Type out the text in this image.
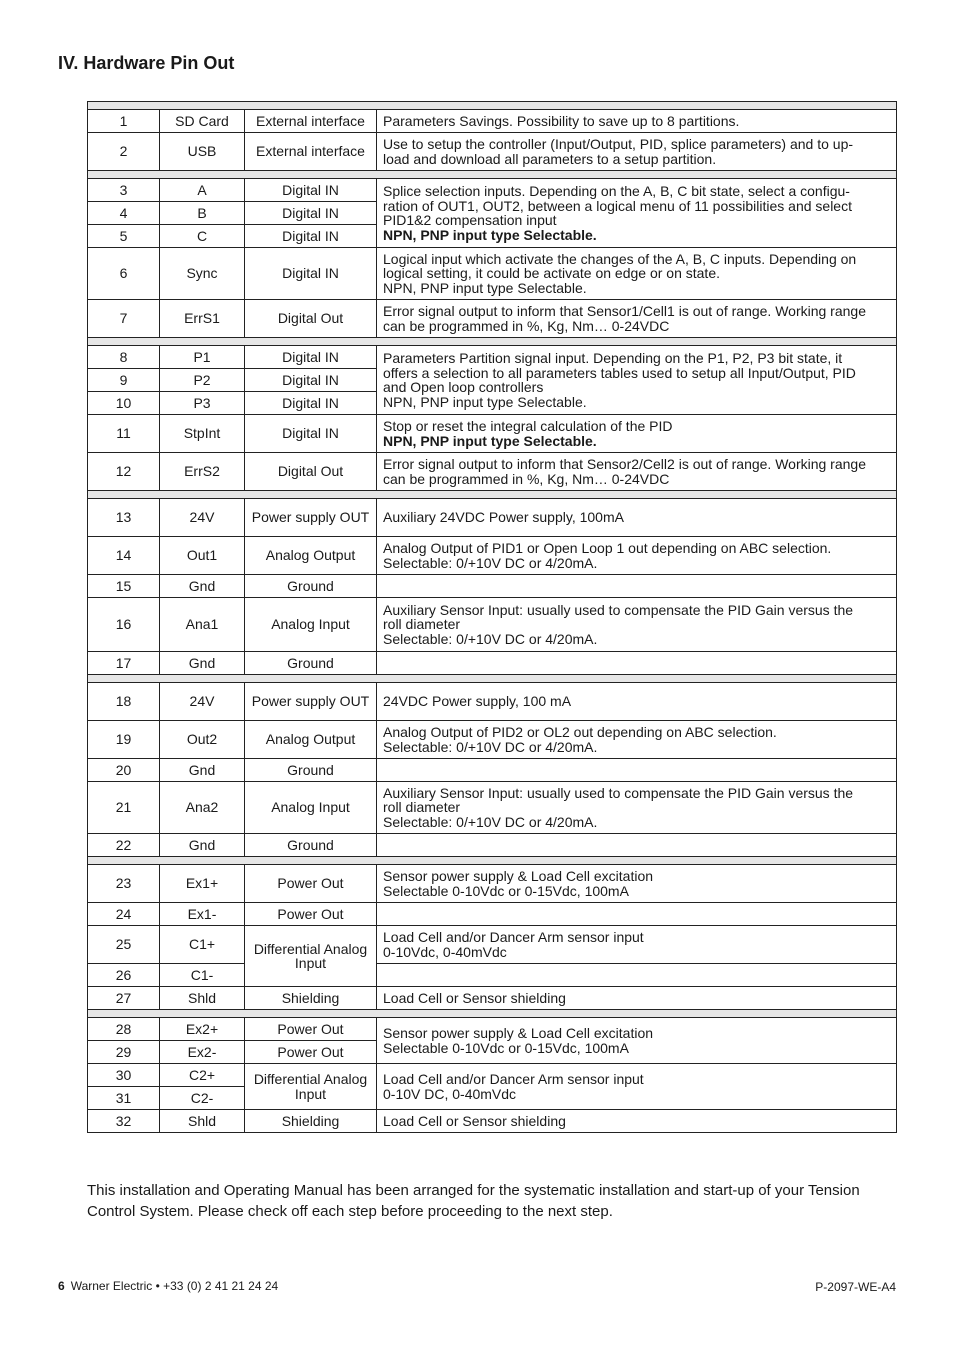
IV. Hardware Pin Out

1	SD Card	External interface	Parameters Savings. Possibility to save up to 8 partitions.

2	USB	External interface	Use to setup the controller (Input/Output, PID, splice parameters) and to up-
load and download all parameters to a setup partition.

3	A	Digital IN	Splice selection inputs. Depending on the A, B, C bit state, select a configu-
ration of OUT1, OUT2, between a logical menu of 11 possibilities and select
PID1&2 compensation input
NPN, PNP input type Selectable.

4	B	Digital IN	
5	C	Digital IN	
6	Sync	Digital IN	Logical input which activate the changes of the A, B, C inputs. Depending on
logical setting, it could be activate on edge or on state.
NPN, PNP input type Selectable.

7	ErrS1	Digital Out	Error signal output to inform that Sensor1/Cell1 is out of range. Working range
can be programmed in %, Kg, Nm… 0-24VDC

8	P1	Digital IN	Parameters Partition signal input. Depending on the P1, P2, P3 bit state, it
offers a selection to all parameters tables used to setup all Input/Output, PID
and Open loop controllers
NPN, PNP input type Selectable.

9	P2	Digital IN	
10	P3	Digital IN	
11	StpInt	Digital IN	Stop or reset the integral calculation of the PID
NPN, PNP input type Selectable.

12	ErrS2	Digital Out	Error signal output to inform that Sensor2/Cell2 is out of range. Working range
can be programmed in %, Kg, Nm… 0-24VDC

13	24V	Power supply OUT	Auxiliary 24VDC Power supply, 100mA

14	Out1	Analog Output	Analog Output of PID1 or Open Loop 1 out depending on ABC selection.
Selectable: 0/+10V DC or 4/20mA.

15	Gnd	Ground	
16	Ana1	Analog Input	Auxiliary Sensor Input: usually used to compensate the PID Gain versus the
roll diameter
Selectable: 0/+10V DC or 4/20mA.

17	Gnd	Ground	

18	24V	Power supply OUT	24VDC Power supply, 100 mA

19	Out2	Analog Output	Analog Output of PID2 or OL2 out depending on ABC selection.
Selectable: 0/+10V DC or 4/20mA.

20	Gnd	Ground	
21	Ana2	Analog Input	Auxiliary Sensor Input: usually used to compensate the PID Gain versus the
roll diameter
Selectable: 0/+10V DC or 4/20mA.

22	Gnd	Ground	

23	Ex1+	Power Out	Sensor power supply & Load Cell excitation
Selectable 0-10Vdc or 0-15Vdc, 100mA

24	Ex1-	Power Out	
25	C1+	Differential Analog Input	Load Cell and/or Dancer Arm sensor input
0-10Vdc, 0-40mVdc

26	C1-		
27	Shld	Shielding	Load Cell or Sensor shielding

28	Ex2+	Power Out	Sensor power supply & Load Cell excitation
Selectable 0-10Vdc or 0-15Vdc, 100mA

29	Ex2-	Power Out	
30	C2+	Differential Analog Input	Load Cell and/or Dancer Arm sensor input
0-10V DC, 0-40mVdc

31	C2-		
32	Shld	Shielding	Load Cell or Sensor shielding

This installation and Operating Manual has been arranged for the systematic installation and start-up of your Tension Control System. Please check off each step before proceeding to the next step.

6 Warner Electric • +33 (0) 2 41 21 24 24	P-2097-WE-A4
